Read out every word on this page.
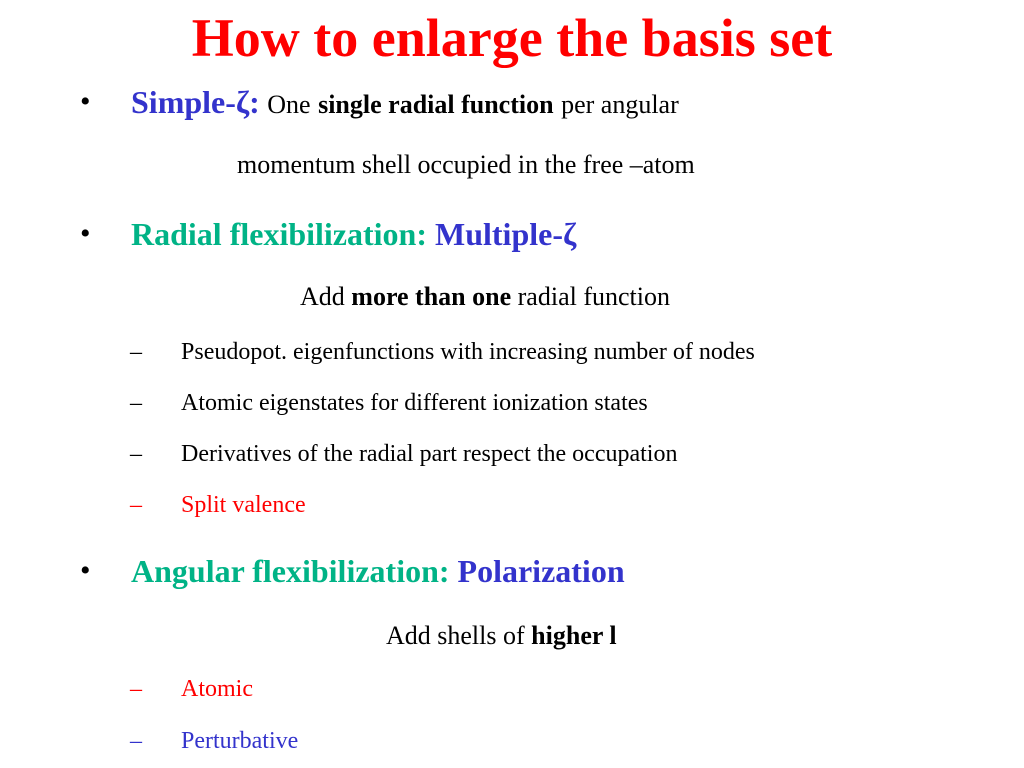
How to enlarge the basis set
• Simple-ζ: One single radial function per angular
momentum shell occupied in the free –atom
• Radial flexibilization: Multiple-ζ
Add more than one radial function
– Pseudopot. eigenfunctions with increasing number of nodes
– Atomic eigenstates for different ionization states
– Derivatives of the radial part respect the occupation
– Split valence
• Angular flexibilization: Polarization
Add shells of higher l
– Atomic
– Perturbative
